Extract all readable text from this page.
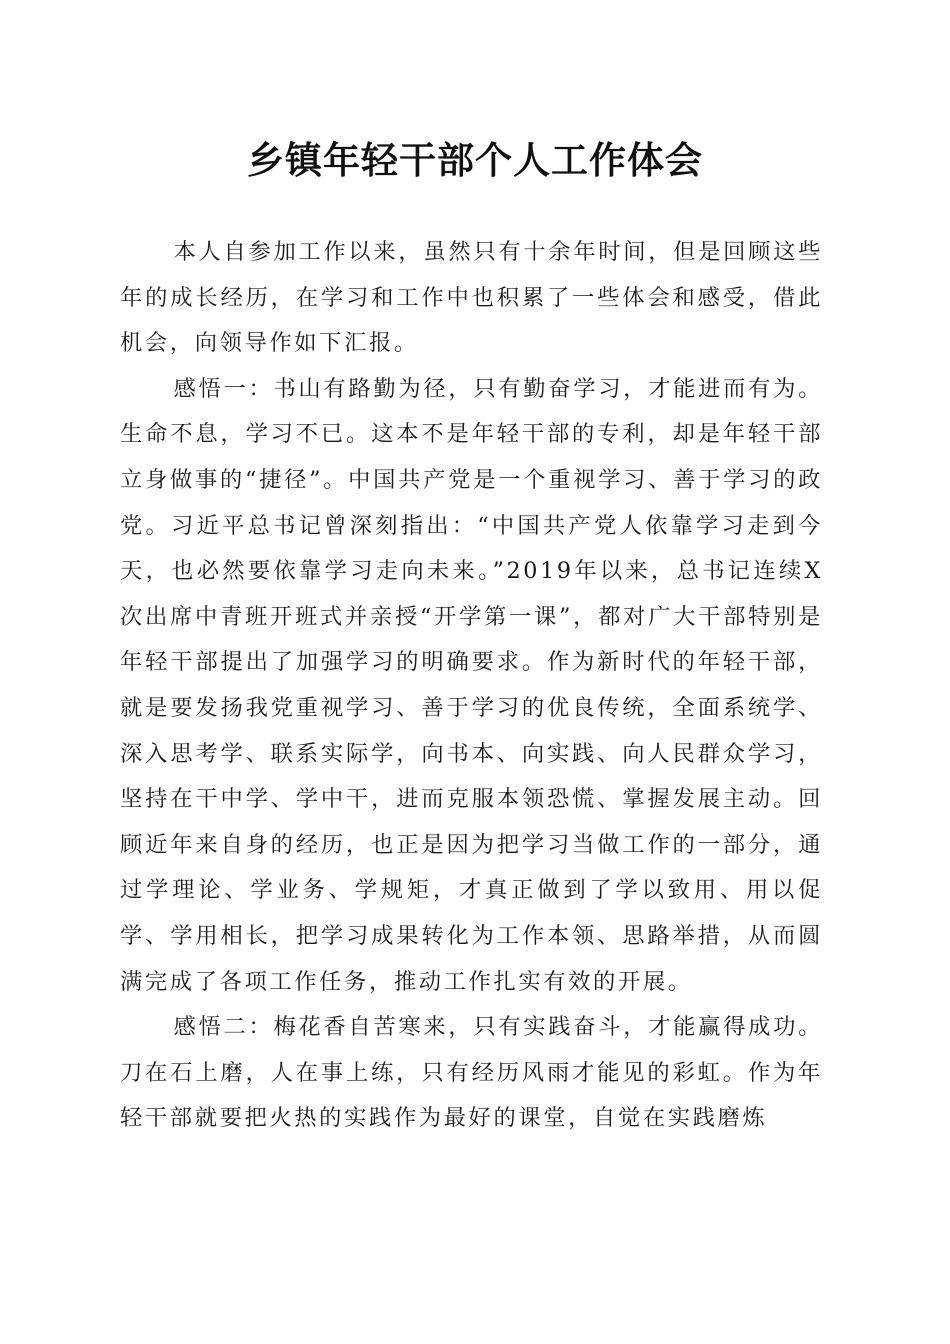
乡镇年轻干部个人工作体会

本人自参加工作以来，虽然只有十余年时间，但是回顾这些年的成长经历，在学习和工作中也积累了一些体会和感受，借此机会，向领导作如下汇报。

感悟一：书山有路勤为径，只有勤奋学习，才能进而有为。生命不息，学习不已。这本不是年轻干部的专利，却是年轻干部立身做事的“捷径”。中国共产党是一个重视学习、善于学习的政党。习近平总书记曾深刻指出：“中国共产党人依靠学习走到今天，也必然要依靠学习走向未来。”2019年以来，总书记连续X次出席中青班开班式并亲授“开学第一课”，都对广大干部特别是年轻干部提出了加强学习的明确要求。作为新时代的年轻干部，就是要发扬我党重视学习、善于学习的优良传统，全面系统学、深入思考学、联系实际学，向书本、向实践、向人民群众学习，坚持在干中学、学中干，进而克服本领恐慌、掌握发展主动。回顾近年来自身的经历，也正是因为把学习当做工作的一部分，通过学理论、学业务、学规矩，才真正做到了学以致用、用以促学、学用相长，把学习成果转化为工作本领、思路举措，从而圆满完成了各项工作任务，推动工作扎实有效的开展。

感悟二：梅花香自苦寒来，只有实践奋斗，才能赢得成功。刀在石上磨，人在事上练，只有经历风雨才能见的彩虹。作为年轻干部就要把火热的实践作为最好的课堂，自觉在实践磨炼
